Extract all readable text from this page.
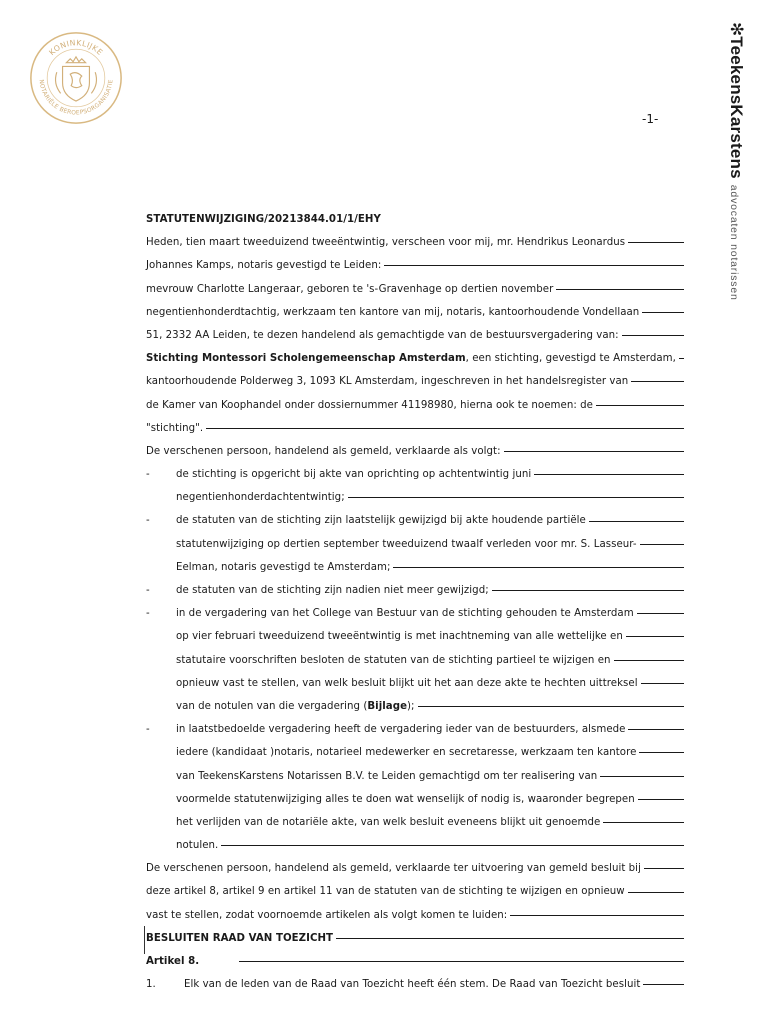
KONINKLIJKE
NOTARIËLE BEROEPSORGANISATIE
✻TeekensKarstensadvocaten notarissen
-1-
STATUTENWIJZIGING/20213844.01/1/EHY
Heden, tien maart tweeduizend tweeëntwintig, verscheen voor mij, mr. Hendrikus Leonardus
Johannes Kamps, notaris gevestigd te Leiden:
mevrouw Charlotte Langeraar, geboren te 's-Gravenhage op dertien november
negentienhonderdtachtig, werkzaam ten kantore van mij, notaris, kantoorhoudende Vondellaan
51, 2332 AA Leiden, te dezen handelend als gemachtigde van de bestuursvergadering van:
Stichting Montessori Scholengemeenschap Amsterdam, een stichting, gevestigd te Amsterdam,
kantoorhoudende Polderweg 3, 1093 KL Amsterdam, ingeschreven in het handelsregister van
de Kamer van Koophandel onder dossiernummer 41198980, hierna ook te noemen: de
"stichting".
De verschenen persoon, handelend als gemeld, verklaarde als volgt:
-	de stichting is opgericht bij akte van oprichting op achtentwintig juni
negentienhonderdachtentwintig;
-	de statuten van de stichting zijn laatstelijk gewijzigd bij akte houdende partiële
statutenwijziging op dertien september tweeduizend twaalf verleden voor mr. S. Lasseur-
Eelman, notaris gevestigd te Amsterdam;
-	de statuten van de stichting zijn nadien niet meer gewijzigd;
-	in de vergadering van het College van Bestuur van de stichting gehouden te Amsterdam
op vier februari tweeduizend tweeëntwintig is met inachtneming van alle wettelijke en
statutaire voorschriften besloten de statuten van de stichting partieel te wijzigen en
opnieuw vast te stellen, van welk besluit blijkt uit het aan deze akte te hechten uittreksel
van de notulen van die vergadering (Bijlage);
-	in laatstbedoelde vergadering heeft de vergadering ieder van de bestuurders, alsmede
iedere (kandidaat )notaris, notarieel medewerker en secretaresse, werkzaam ten kantore
van TeekensKarstens Notarissen B.V. te Leiden gemachtigd om ter realisering van
voormelde statutenwijziging alles te doen wat wenselijk of nodig is, waaronder begrepen
het verlijden van de notariële akte, van welk besluit eveneens blijkt uit genoemde
notulen.
De verschenen persoon, handelend als gemeld, verklaarde ter uitvoering van gemeld besluit bij
deze artikel 8, artikel 9 en artikel 11 van de statuten van de stichting te wijzigen en opnieuw
vast te stellen, zodat voornoemde artikelen als volgt komen te luiden:
BESLUITEN RAAD VAN TOEZICHT
Artikel 8.
1.	Elk van de leden van de Raad van Toezicht heeft één stem. De Raad van Toezicht besluit
